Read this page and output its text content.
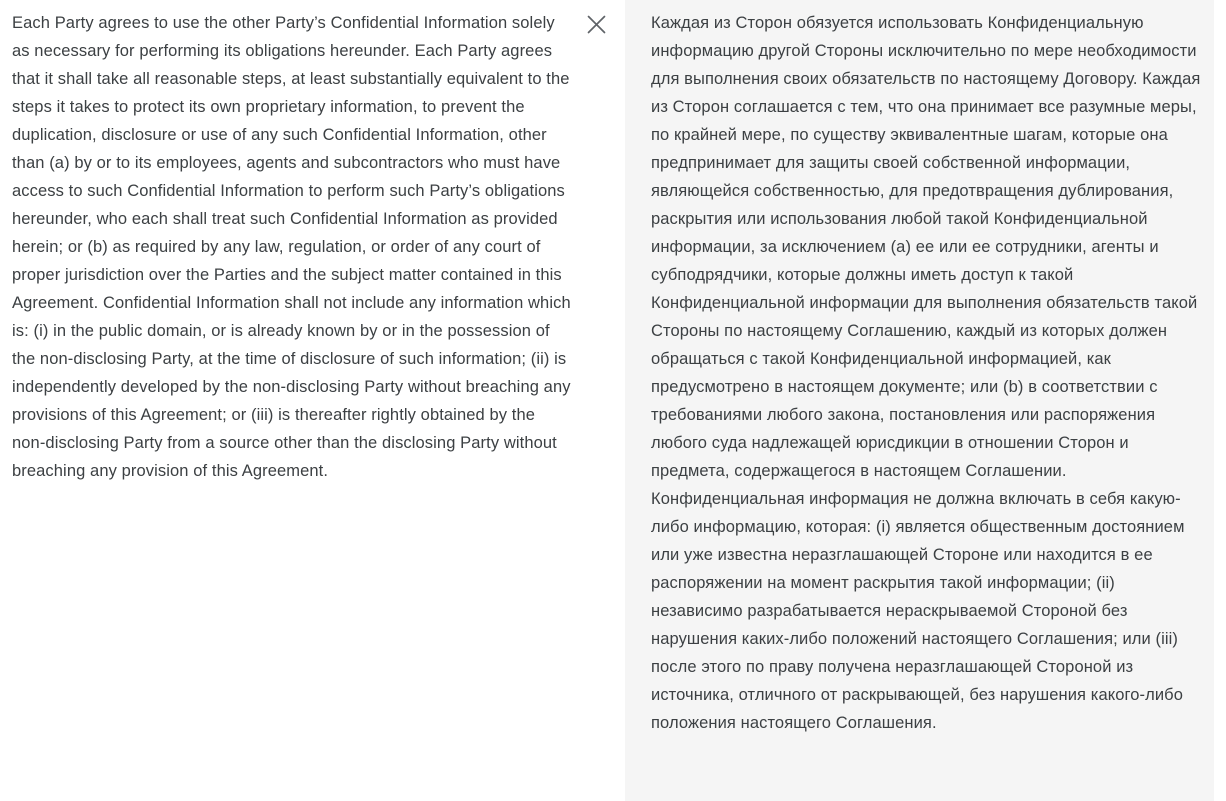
Each Party agrees to use the other Party’s Confidential Information solely as necessary for performing its obligations hereunder. Each Party agrees that it shall take all reasonable steps, at least substantially equivalent to the steps it takes to protect its own proprietary information, to prevent the duplication, disclosure or use of any such Confidential Information, other than (a) by or to its employees, agents and subcontractors who must have access to such Confidential Information to perform such Party’s obligations hereunder, who each shall treat such Confidential Information as provided herein; or (b) as required by any law, regulation, or order of any court of proper jurisdiction over the Parties and the subject matter contained in this Agreement. Confidential Information shall not include any information which is: (i) in the public domain, or is already known by or in the possession of the non-disclosing Party, at the time of disclosure of such information; (ii) is independently developed by the non-disclosing Party without breaching any provisions of this Agreement; or (iii) is thereafter rightly obtained by the non-disclosing Party from a source other than the disclosing Party without breaching any provision of this Agreement.
Каждая из Сторон обязуется использовать Конфиденциальную информацию другой Стороны исключительно по мере необходимости для выполнения своих обязательств по настоящему Договору. Каждая из Сторон соглашается с тем, что она принимает все разумные меры, по крайней мере, по существу эквивалентные шагам, которые она предпринимает для защиты своей собственной информации, являющейся собственностью, для предотвращения дублирования, раскрытия или использования любой такой Конфиденциальной информации, за исключением (а) ее или ее сотрудники, агенты и субподрядчики, которые должны иметь доступ к такой Конфиденциальной информации для выполнения обязательств такой Стороны по настоящему Соглашению, каждый из которых должен обращаться с такой Конфиденциальной информацией, как предусмотрено в настоящем документе; или (b) в соответствии с требованиями любого закона, постановления или распоряжения любого суда надлежащей юрисдикции в отношении Сторон и предмета, содержащегося в настоящем Соглашении. Конфиденциальная информация не должна включать в себя какую-либо информацию, которая: (i) является общественным достоянием или уже известна неразглашающей Стороне или находится в ее распоряжении на момент раскрытия такой информации; (ii) независимо разрабатывается нераскрываемой Стороной без нарушения каких-либо положений настоящего Соглашения; или (iii) после этого по праву получена неразглашающей Стороной из источника, отличного от раскрывающей, без нарушения какого-либо положения настоящего Соглашения.
